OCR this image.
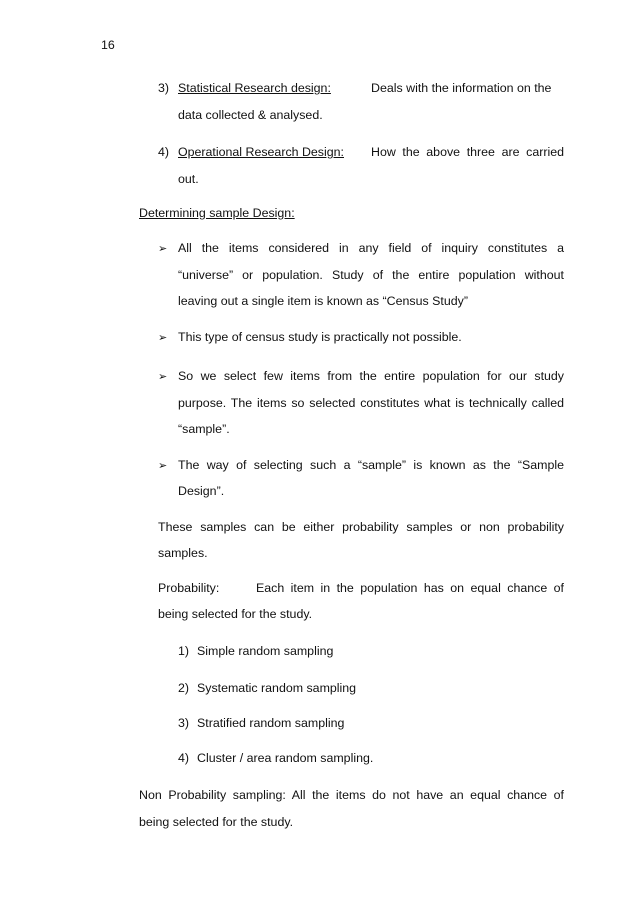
16
3) Statistical Research design:	Deals with the information on the
data collected & analysed.
4) Operational Research Design: How the above three are carried
out.
Determining sample Design:
➢ All the items considered in any field of inquiry constitutes a
“universe” or population. Study of the entire population without
leaving out a single item is known as “Census Study”
➢ This type of census study is practically not possible.
➢ So we select few items from the entire population for our study
purpose. The items so selected constitutes what is technically called
“sample”.
➢ The way of selecting such a “sample” is known as the “Sample
Design”.
These samples can be either probability samples or non probability
samples.
Probability:	Each item in the population has on equal chance of
being selected for the study.
1) Simple random sampling
2) Systematic random sampling
3) Stratified random sampling
4) Cluster / area random sampling.
Non Probability sampling: All the items do not have an equal chance of
being selected for the study.
